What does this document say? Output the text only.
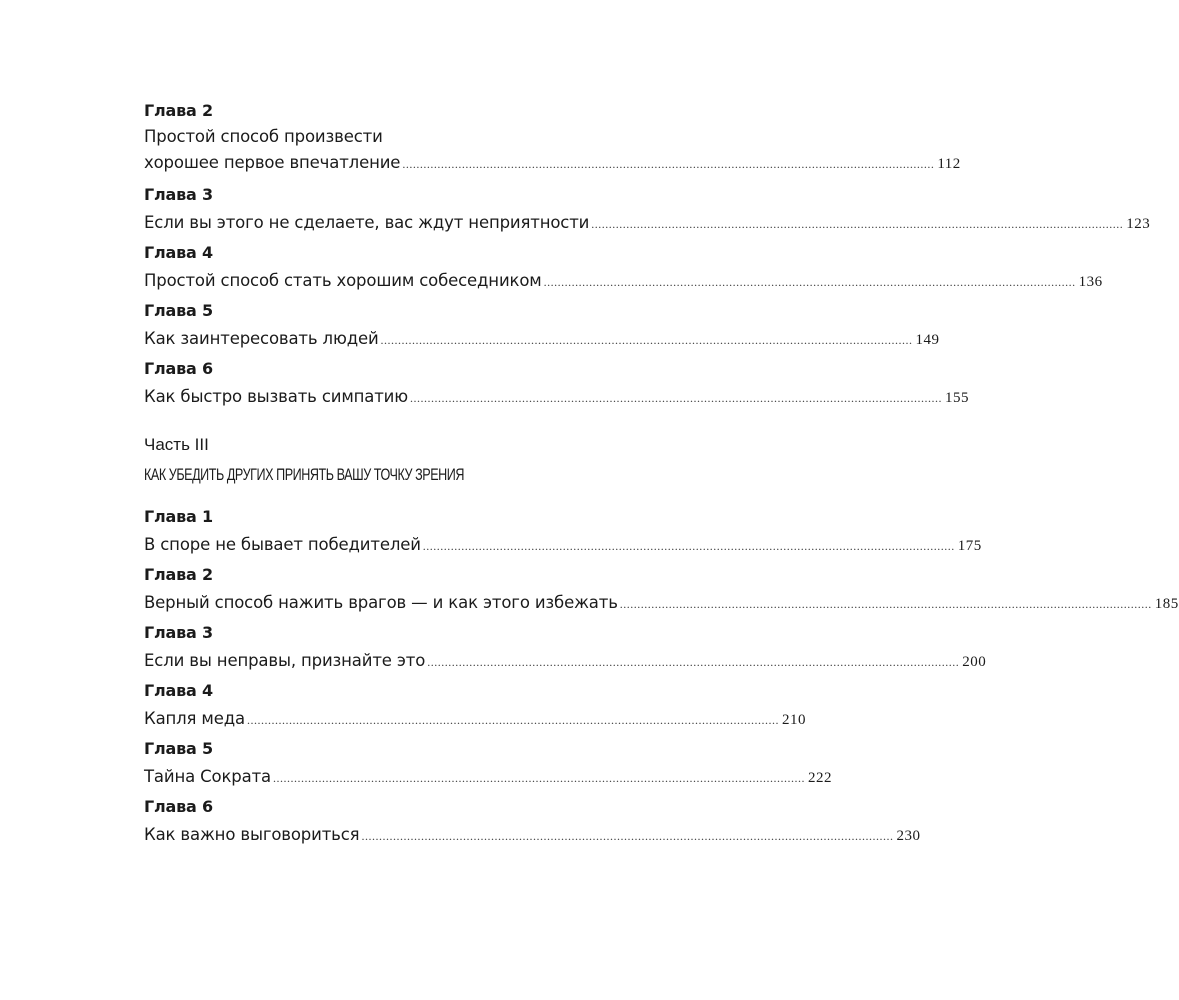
Глава 2
Простой способ произвести
хорошее первое впечатление ........................................................................................................................................................ 112
Глава 3
Если вы этого не сделаете, вас ждут неприятности ........................................................................................................................................................ 123
Глава 4
Простой способ стать хорошим собеседником ........................................................................................................................................................ 136
Глава 5
Как заинтересовать людей ........................................................................................................................................................ 149
Глава 6
Как быстро вызвать симпатию ........................................................................................................................................................ 155
Часть III
КАК УБЕДИТЬ ДРУГИХ ПРИНЯТЬ ВАШУ ТОЧКУ ЗРЕНИЯ
Глава 1
В споре не бывает победителей ........................................................................................................................................................ 175
Глава 2
Верный способ нажить врагов — и как этого избежать ........................................................................................................................................................ 185
Глава 3
Если вы неправы, признайте это ........................................................................................................................................................ 200
Глава 4
Капля меда ........................................................................................................................................................ 210
Глава 5
Тайна Сократа ........................................................................................................................................................ 222
Глава 6
Как важно выговориться ........................................................................................................................................................ 230
